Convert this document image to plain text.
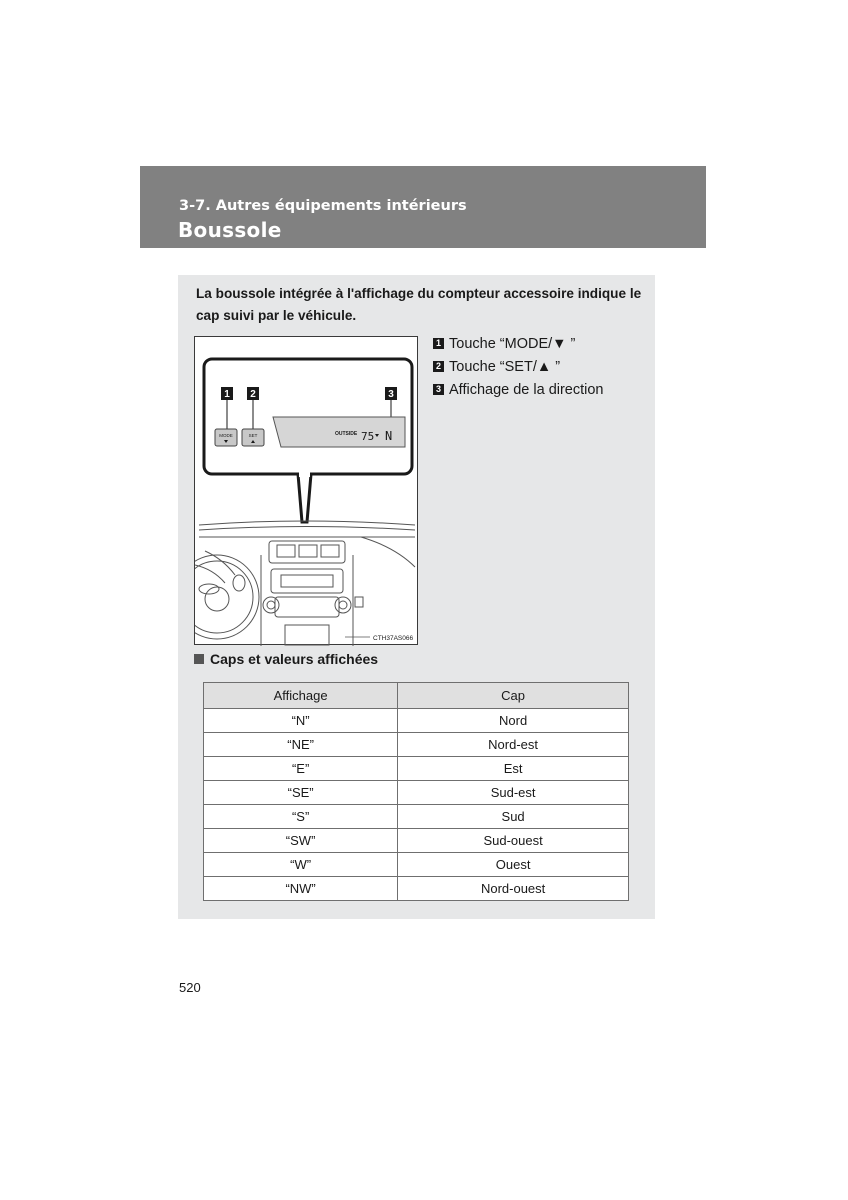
3-7. Autres équipements intérieurs
Boussole
La boussole intégrée à l'affichage du compteur accessoire indique le cap suivi par le véhicule.
1 2	3
MODE	SET	OUTSIDE 75 N
CTH37AS066
1 Touche “MODE/▼ ”
2 Touche “SET/▲ ”
3 Affichage de la direction
Caps et valeurs affichées
Affichage	Cap
“N”	Nord
“NE”	Nord-est
“E”	Est
“SE”	Sud-est
“S”	Sud
“SW”	Sud-ouest
“W”	Ouest
“NW”	Nord-ouest
520
